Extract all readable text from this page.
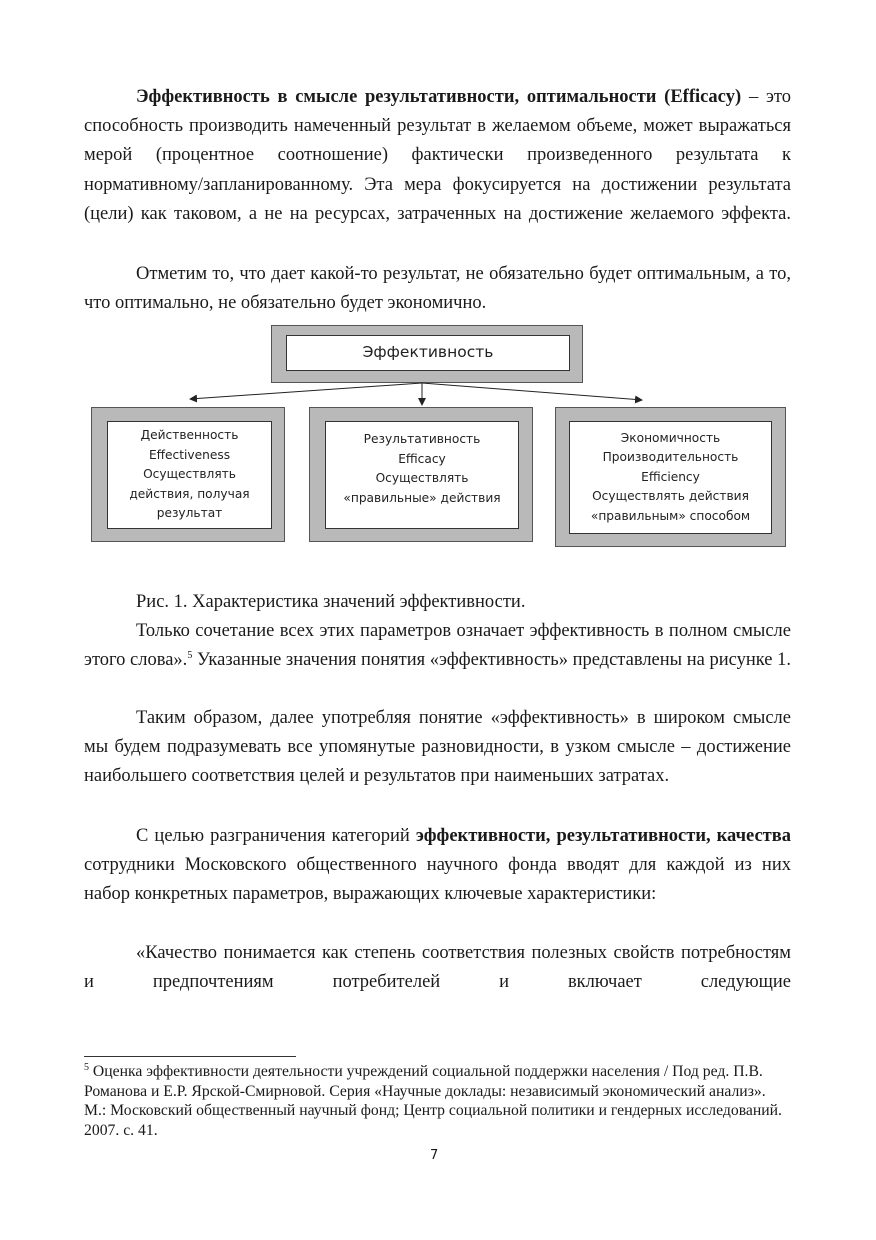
Эффективность в смысле результативности, оптимальности (Efficacy) – это способность производить намеченный результат в желаемом объеме, может выражаться мерой (процентное соотношение) фактически произведенного результата к нормативному/запланированному. Эта мера фокусируется на достижении результата (цели) как таковом, а не на ресурсах, затраченных на достижение желаемого эффекта.

Отметим то, что дает какой-то результат, не обязательно будет оптимальным, а то, что оптимально, не обязательно будет экономично.

Эффективность
Действенность
Effectiveness
Осуществлять
действия, получая
результат
Результативность
Efficacy
Осуществлять
«правильные» действия
Экономичность
Производительность
Efficiency
Осуществлять действия
«правильным» способом
Рис. 1. Характеристика значений эффективности.

Только сочетание всех этих параметров означает эффективность в полном смысле этого слова».$^5$ Указанные значения понятия «эффективность» представлены на рисунке 1.

Таким образом, далее употребляя понятие «эффективность» в широком смысле мы будем подразумевать все упомянутые разновидности, в узком смысле – достижение наибольшего соответствия целей и результатов при наименьших затратах.

С целью разграничения категорий эффективности, результативности, качества сотрудники Московского общественного научного фонда вводят для каждой из них набор конкретных параметров, выражающих ключевые характеристики:

«Качество понимается как степень соответствия полезных свойств потребностям и предпочтениям потребителей и включает следующие

$^5$ Оценка эффективности деятельности учреждений социальной поддержки населения / Под ред. П.В. Романова и Е.Р. Ярской-Смирновой. Серия «Научные доклады: независимый экономический анализ». М.: Московский общественный научный фонд; Центр социальной политики и гендерных исследований. 2007. с. 41.

7
